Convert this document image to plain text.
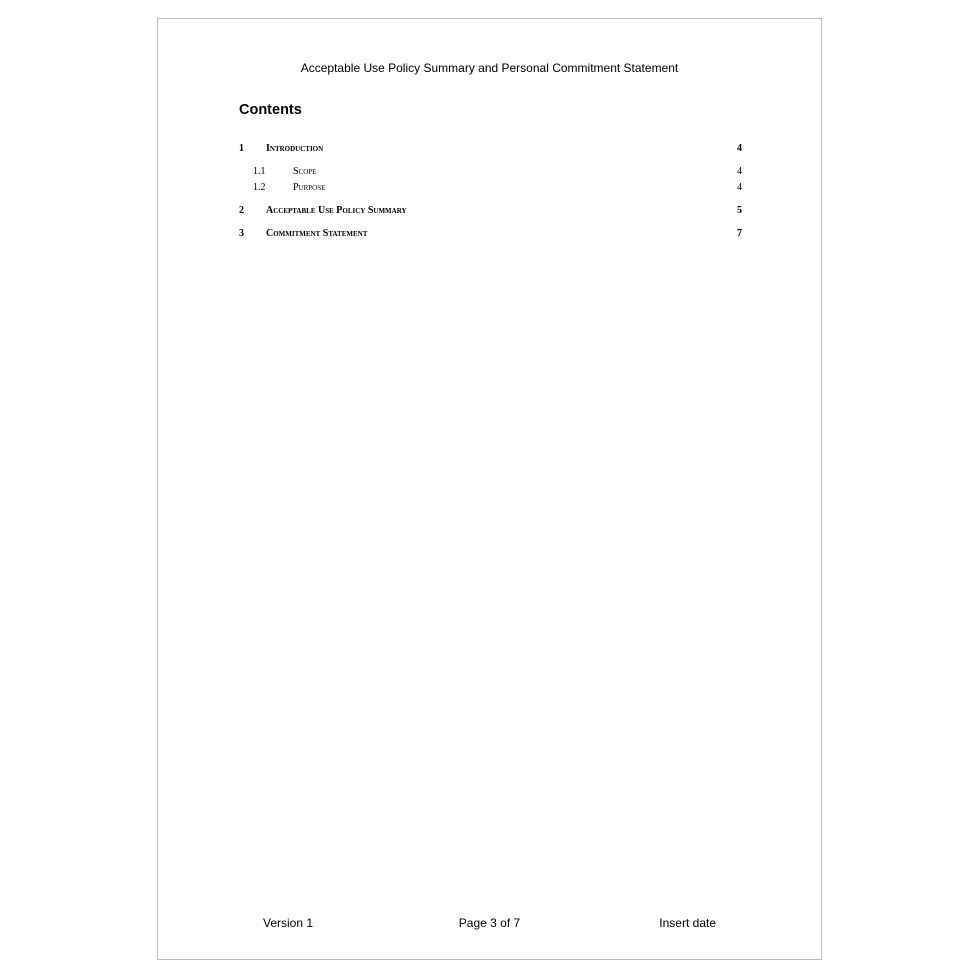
Acceptable Use Policy Summary and Personal Commitment Statement
Contents
1 Introduction	4
1.1	Scope	4
1.2	Purpose	4
2 Acceptable Use Policy Summary	5
3 Commitment Statement	7
Version 1	Page 3 of 7	Insert date
